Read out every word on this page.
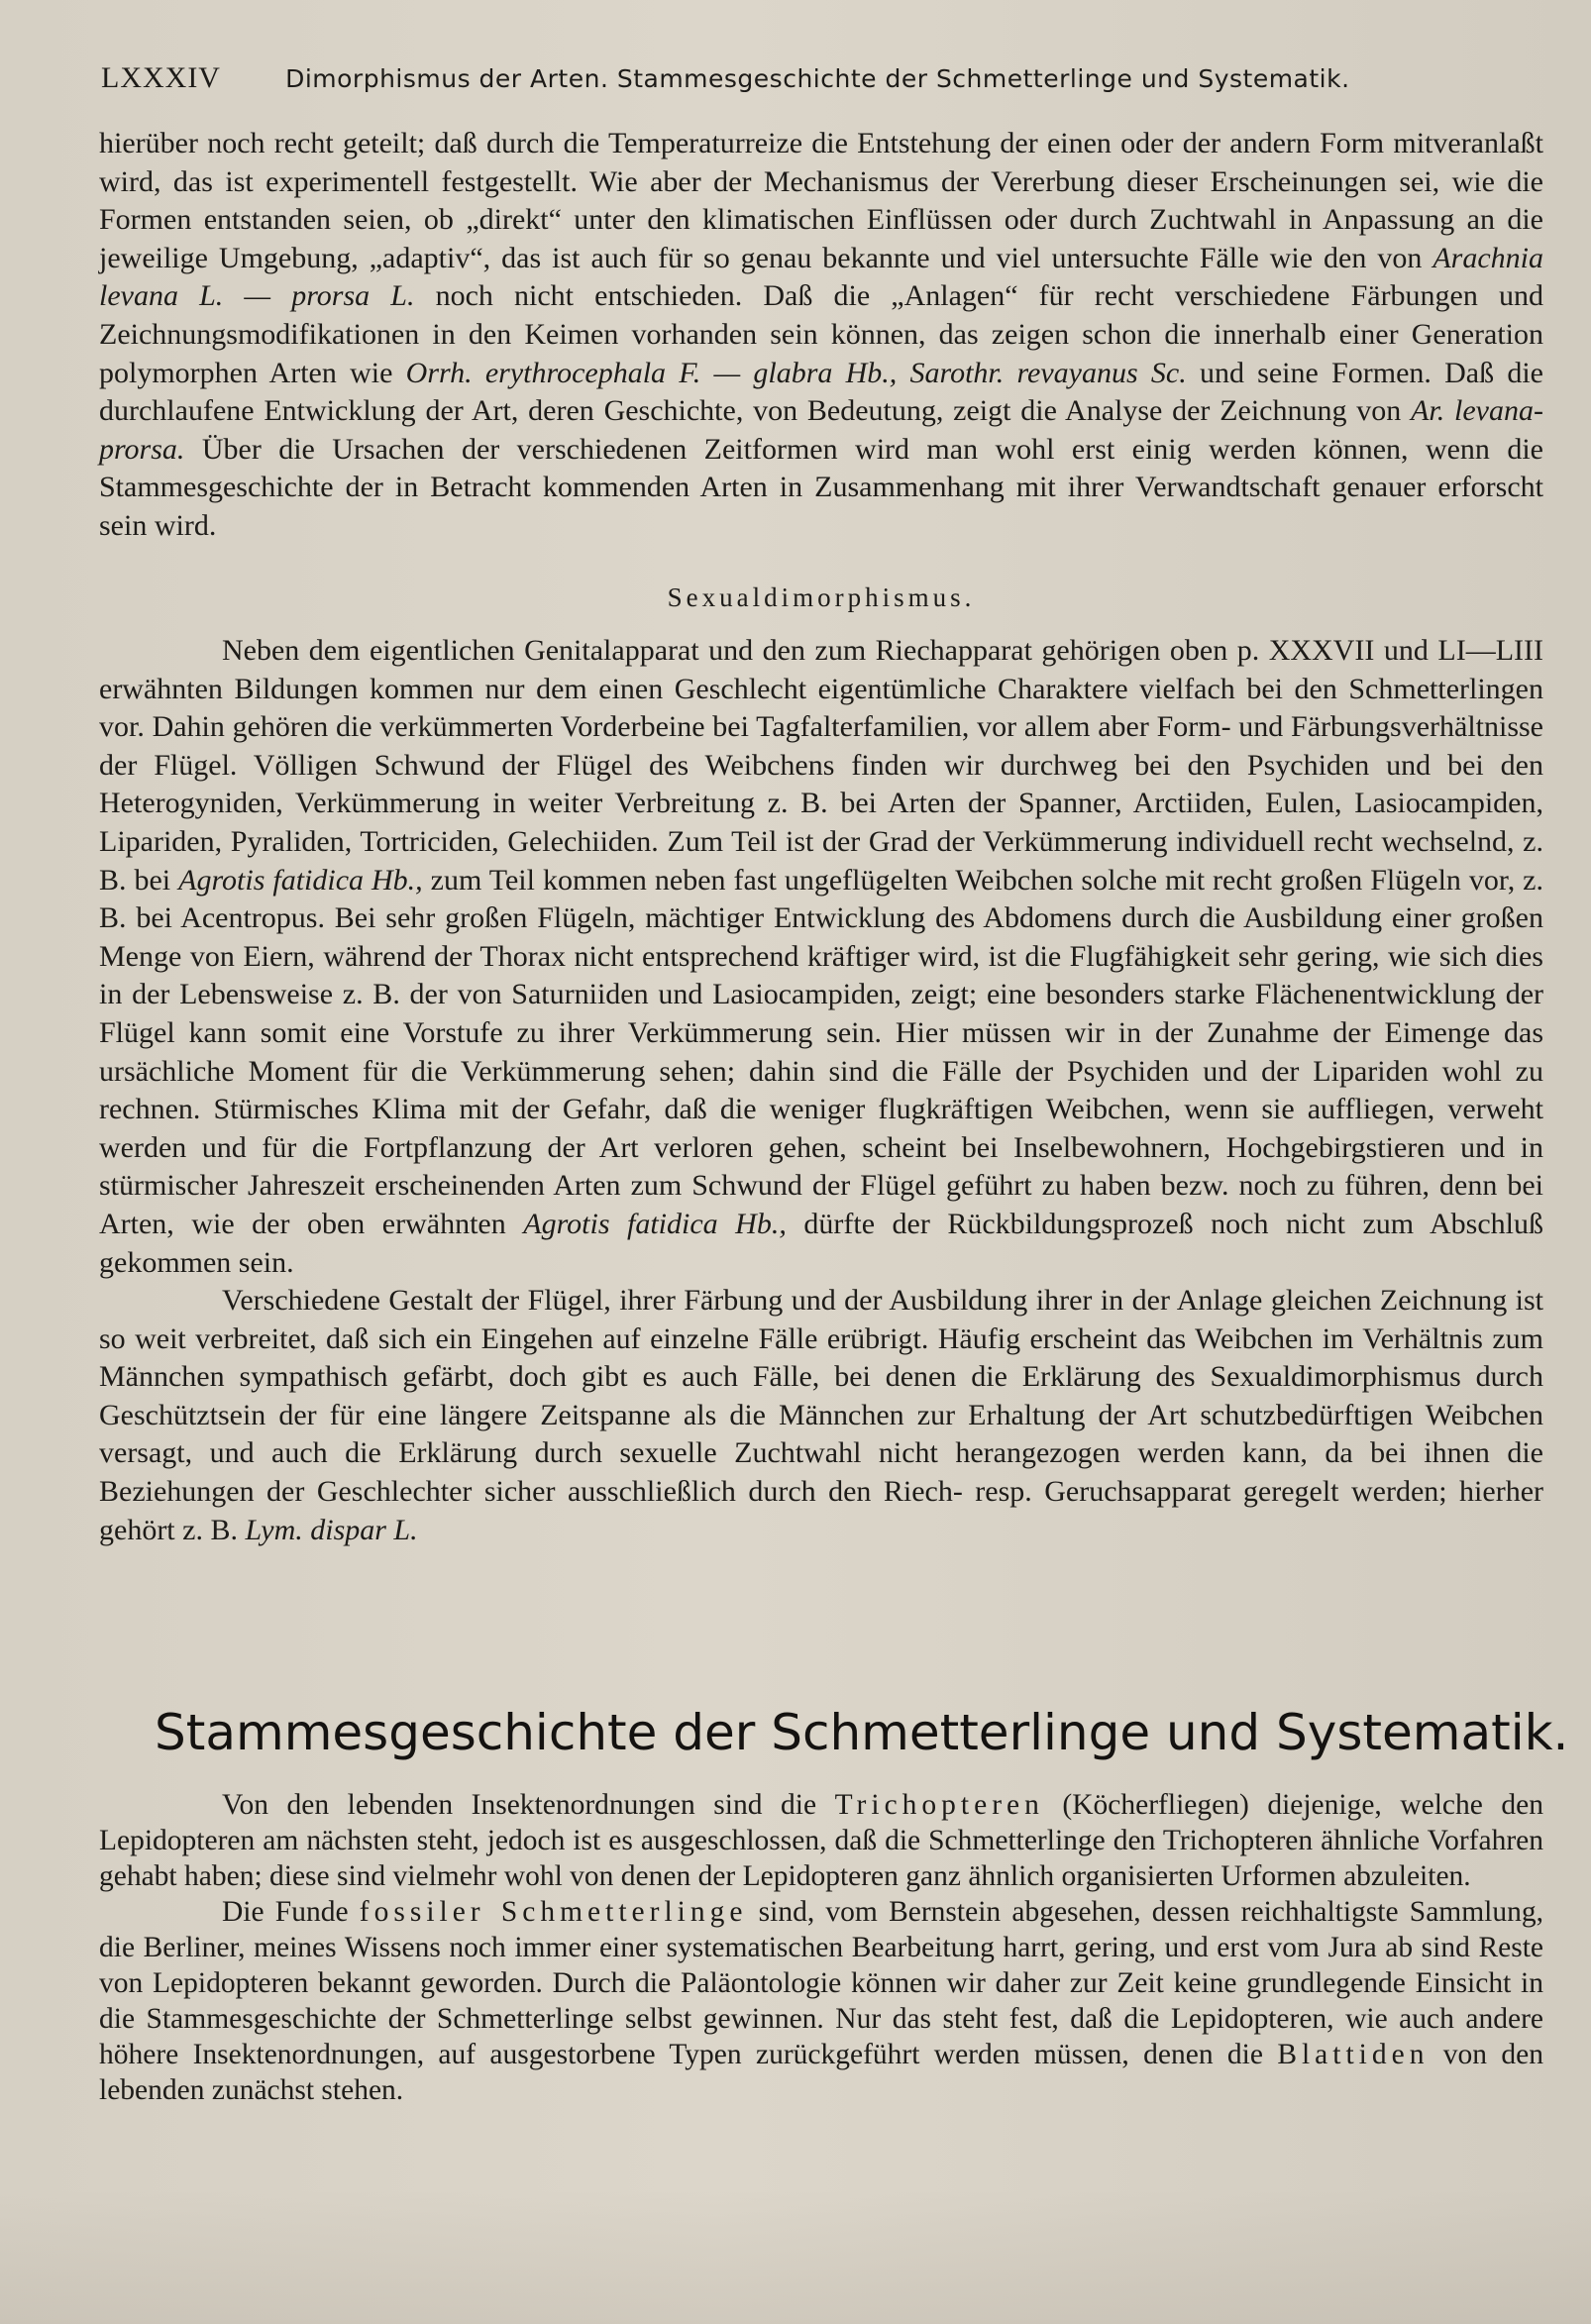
LXXXIV	Dimorphismus der Arten. Stammesgeschichte der Schmetterlinge und Systematik.

hierüber noch recht geteilt; daß durch die Temperaturreize die Entstehung der einen oder der andern Form mitveranlaßt wird, das ist experimentell festgestellt. Wie aber der Mechanismus der Vererbung dieser Erscheinungen sei, wie die Formen entstanden seien, ob „direkt“ unter den klimatischen Einflüssen oder durch Zuchtwahl in Anpassung an die jeweilige Umgebung, „adaptiv“, das ist auch für so genau bekannte und viel untersuchte Fälle wie den von Arachnia levana L. — prorsa L. noch nicht entschieden. Daß die „Anlagen“ für recht verschiedene Färbungen und Zeichnungsmodifikationen in den Keimen vorhanden sein können, das zeigen schon die innerhalb einer Generation polymorphen Arten wie Orrh. erythrocephala F. — glabra Hb., Sarothr. revayanus Sc. und seine Formen. Daß die durchlaufene Entwicklung der Art, deren Geschichte, von Bedeutung, zeigt die Analyse der Zeichnung von Ar. levana-prorsa. Über die Ursachen der verschiedenen Zeitformen wird man wohl erst einig werden können, wenn die Stammesgeschichte der in Betracht kommenden Arten in Zusammenhang mit ihrer Verwandtschaft genauer erforscht sein wird.

Sexualdimorphismus.

Neben dem eigentlichen Genitalapparat und den zum Riechapparat gehörigen oben p. XXXVII und LI—LIII erwähnten Bildungen kommen nur dem einen Geschlecht eigentümliche Charaktere vielfach bei den Schmetterlingen vor. Dahin gehören die verkümmerten Vorderbeine bei Tagfalterfamilien, vor allem aber Form- und Färbungsverhältnisse der Flügel. Völligen Schwund der Flügel des Weibchens finden wir durchweg bei den Psychiden und bei den Heterogyniden, Verkümmerung in weiter Verbreitung z. B. bei Arten der Spanner, Arctiiden, Eulen, Lasiocampiden, Lipariden, Pyraliden, Tortriciden, Gelechiiden. Zum Teil ist der Grad der Verkümmerung individuell recht wechselnd, z. B. bei Agrotis fatidica Hb., zum Teil kommen neben fast ungeflügelten Weibchen solche mit recht großen Flügeln vor, z. B. bei Acentropus. Bei sehr großen Flügeln, mächtiger Entwicklung des Abdomens durch die Ausbildung einer großen Menge von Eiern, während der Thorax nicht entsprechend kräftiger wird, ist die Flugfähigkeit sehr gering, wie sich dies in der Lebensweise z. B. der von Saturniiden und Lasiocampiden, zeigt; eine besonders starke Flächenentwicklung der Flügel kann somit eine Vorstufe zu ihrer Verkümmerung sein. Hier müssen wir in der Zunahme der Eimenge das ursächliche Moment für die Verkümmerung sehen; dahin sind die Fälle der Psychiden und der Lipariden wohl zu rechnen. Stürmisches Klima mit der Gefahr, daß die weniger flugkräftigen Weibchen, wenn sie auffliegen, verweht werden und für die Fortpflanzung der Art verloren gehen, scheint bei Inselbewohnern, Hochgebirgstieren und in stürmischer Jahreszeit erscheinenden Arten zum Schwund der Flügel geführt zu haben bezw. noch zu führen, denn bei Arten, wie der oben erwähnten Agrotis fatidica Hb., dürfte der Rückbildungsprozeß noch nicht zum Abschluß gekommen sein.

Verschiedene Gestalt der Flügel, ihrer Färbung und der Ausbildung ihrer in der Anlage gleichen Zeichnung ist so weit verbreitet, daß sich ein Eingehen auf einzelne Fälle erübrigt. Häufig erscheint das Weibchen im Verhältnis zum Männchen sympathisch gefärbt, doch gibt es auch Fälle, bei denen die Erklärung des Sexualdimorphismus durch Geschütztsein der für eine längere Zeitspanne als die Männchen zur Erhaltung der Art schutzbedürftigen Weibchen versagt, und auch die Erklärung durch sexuelle Zuchtwahl nicht herangezogen werden kann, da bei ihnen die Beziehungen der Geschlechter sicher ausschließlich durch den Riech- resp. Geruchsapparat geregelt werden; hierher gehört z. B. Lym. dispar L.

Stammesgeschichte der Schmetterlinge und Systematik.

Von den lebenden Insektenordnungen sind die Trichopteren (Köcherfliegen) diejenige, welche den Lepidopteren am nächsten steht, jedoch ist es ausgeschlossen, daß die Schmetterlinge den Trichopteren ähnliche Vorfahren gehabt haben; diese sind vielmehr wohl von denen der Lepidopteren ganz ähnlich organisierten Urformen abzuleiten.

Die Funde fossiler Schmetterlinge sind, vom Bernstein abgesehen, dessen reichhaltigste Sammlung, die Berliner, meines Wissens noch immer einer systematischen Bearbeitung harrt, gering, und erst vom Jura ab sind Reste von Lepidopteren bekannt geworden. Durch die Paläontologie können wir daher zur Zeit keine grundlegende Einsicht in die Stammesgeschichte der Schmetterlinge selbst gewinnen. Nur das steht fest, daß die Lepidopteren, wie auch andere höhere Insektenordnungen, auf ausgestorbene Typen zurückgeführt werden müssen, denen die Blattiden von den lebenden zunächst stehen.
